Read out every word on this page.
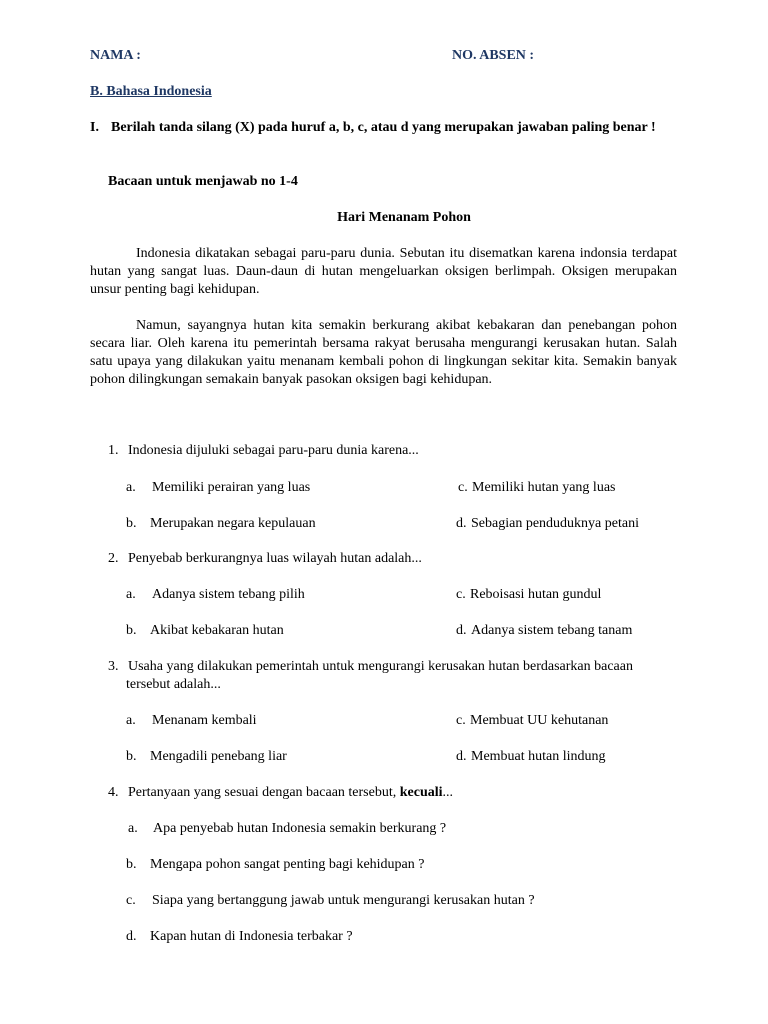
NAMA :	NO. ABSEN :
B. Bahasa Indonesia
I. Berilah tanda silang (X) pada huruf a, b, c, atau d yang merupakan jawaban paling benar !
Bacaan untuk menjawab no 1-4
Hari Menanam Pohon
Indonesia dikatakan sebagai paru-paru dunia. Sebutan itu disematkan karena indonsia terdapat hutan yang sangat luas. Daun-daun di hutan mengeluarkan oksigen berlimpah. Oksigen merupakan unsur penting bagi kehidupan.
Namun, sayangnya hutan kita semakin berkurang akibat kebakaran dan penebangan pohon secara liar. Oleh karena itu pemerintah bersama rakyat berusaha mengurangi kerusakan hutan. Salah satu upaya yang dilakukan yaitu menanam kembali pohon di lingkungan sekitar kita. Semakin banyak pohon dilingkungan semakain banyak pasokan oksigen bagi kehidupan.
1. Indonesia dijuluki sebagai paru-paru dunia karena...
a. Memiliki perairan yang luas	c. Memiliki hutan yang luas
b. Merupakan negara kepulauan	d. Sebagian penduduknya petani
2. Penyebab berkurangnya luas wilayah hutan adalah...
a. Adanya sistem tebang pilih	c. Reboisasi hutan gundul
b. Akibat kebakaran hutan	d. Adanya sistem tebang tanam
3. Usaha yang dilakukan pemerintah untuk mengurangi kerusakan hutan berdasarkan bacaan tersebut adalah...
a. Menanam kembali	c. Membuat UU kehutanan
b. Mengadili penebang liar	d. Membuat hutan lindung
4. Pertanyaan yang sesuai dengan bacaan tersebut, kecuali...
a. Apa penyebab hutan Indonesia semakin berkurang ?
b. Mengapa pohon sangat penting bagi kehidupan ?
c. Siapa yang bertanggung jawab untuk mengurangi kerusakan hutan ?
d. Kapan hutan di Indonesia terbakar ?
